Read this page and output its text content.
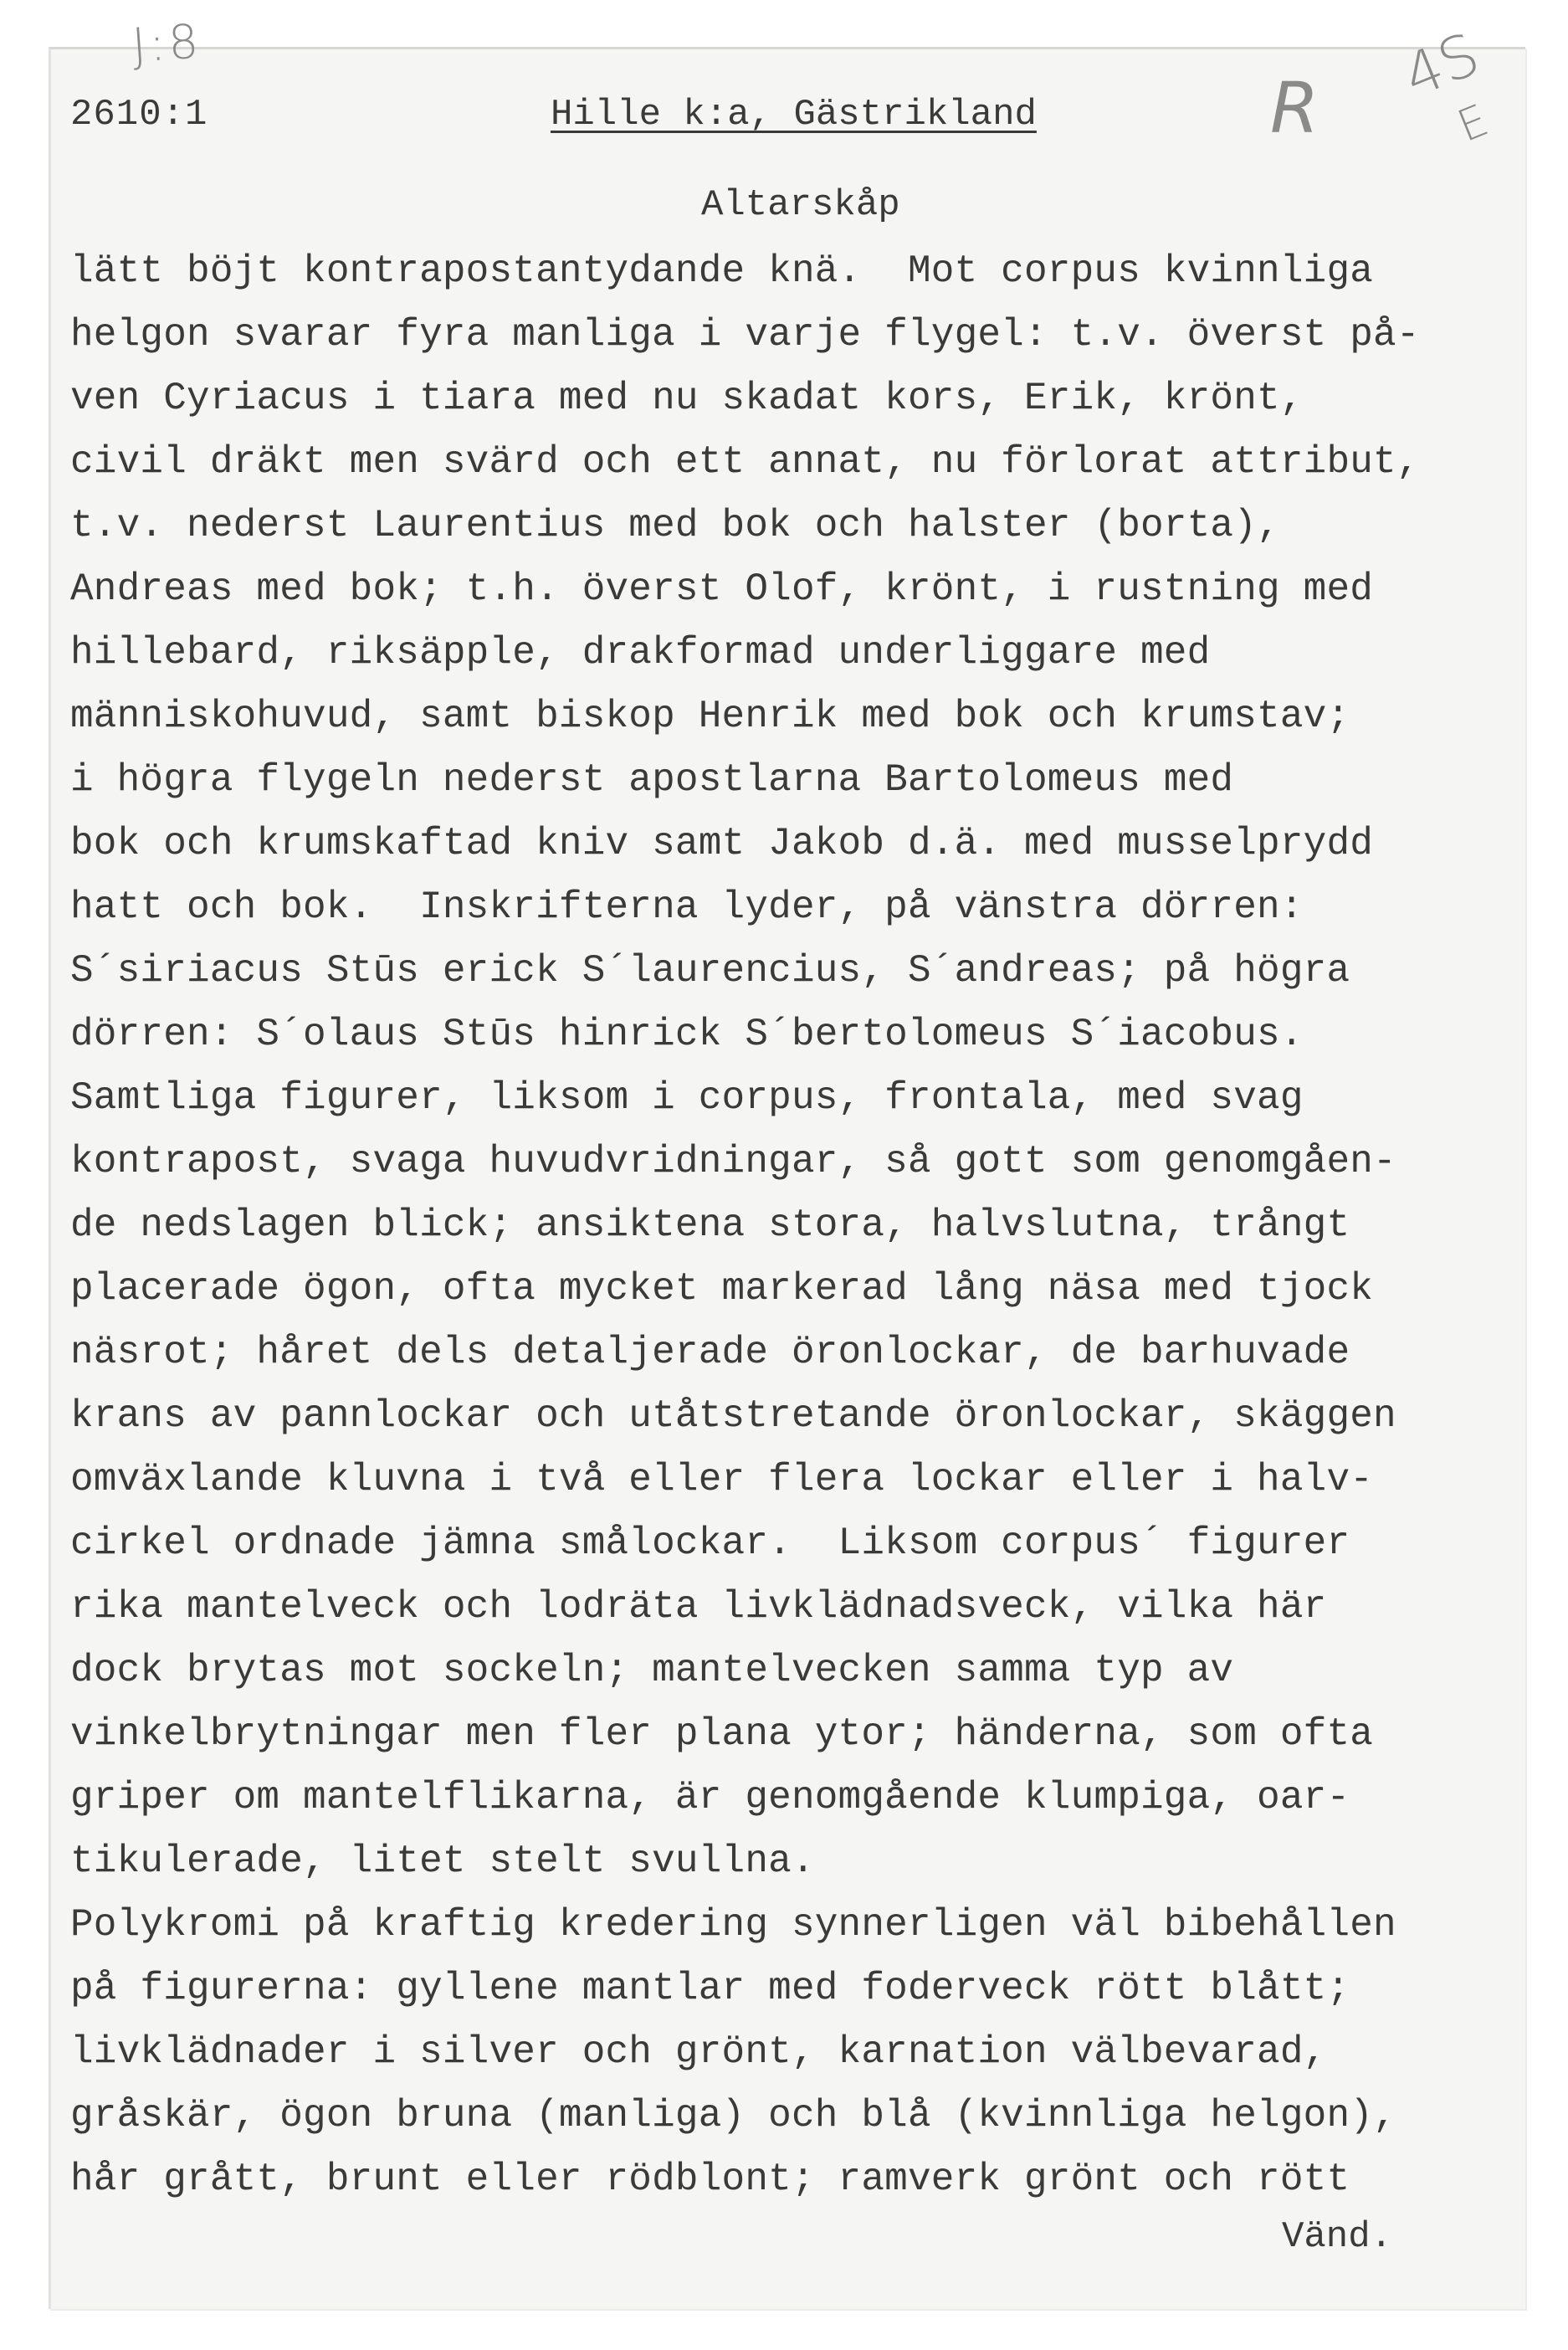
J:8
R 4S
E
2610:1	Hille k:a, Gästrikland
Altarskåp
lätt böjt kontrapostantydande knä.  Mot corpus kvinnliga
helgon svarar fyra manliga i varje flygel: t.v. överst på-
ven Cyriacus i tiara med nu skadat kors, Erik, krönt,
civil dräkt men svärd och ett annat, nu förlorat attribut,
t.v. nederst Laurentius med bok och halster (borta),
Andreas med bok; t.h. överst Olof, krönt, i rustning med
hillebard, riksäpple, drakformad underliggare med
människohuvud, samt biskop Henrik med bok och krumstav;
i högra flygeln nederst apostlarna Bartolomeus med
bok och krumskaftad kniv samt Jakob d.ä. med musselprydd
hatt och bok.  Inskrifterna lyder, på vänstra dörren:
S´siriacus Stūs erick S´laurencius, S´andreas; på högra
dörren: S´olaus Stūs hinrick S´bertolomeus S´iacobus.
Samtliga figurer, liksom i corpus, frontala, med svag
kontrapost, svaga huvudvridningar, så gott som genomgåen-
de nedslagen blick; ansiktena stora, halvslutna, trångt
placerade ögon, ofta mycket markerad lång näsa med tjock
näsrot; håret dels detaljerade öronlockar, de barhuvade
krans av pannlockar och utåtstretande öronlockar, skäggen
omväxlande kluvna i två eller flera lockar eller i halv-
cirkel ordnade jämna smålockar.  Liksom corpus´ figurer
rika mantelveck och lodräta livklädnadsveck, vilka här
dock brytas mot sockeln; mantelvecken samma typ av
vinkelbrytningar men fler plana ytor; händerna, som ofta
griper om mantelflikarna, är genomgående klumpiga, oar-
tikulerade, litet stelt svullna.
Polykromi på kraftig kredering synnerligen väl bibehållen
på figurerna: gyllene mantlar med foderveck rött blått;
livklädnader i silver och grönt, karnation välbevarad,
gråskär, ögon bruna (manliga) och blå (kvinnliga helgon),
hår grått, brunt eller rödblont; ramverk grönt och rött
Vänd.
